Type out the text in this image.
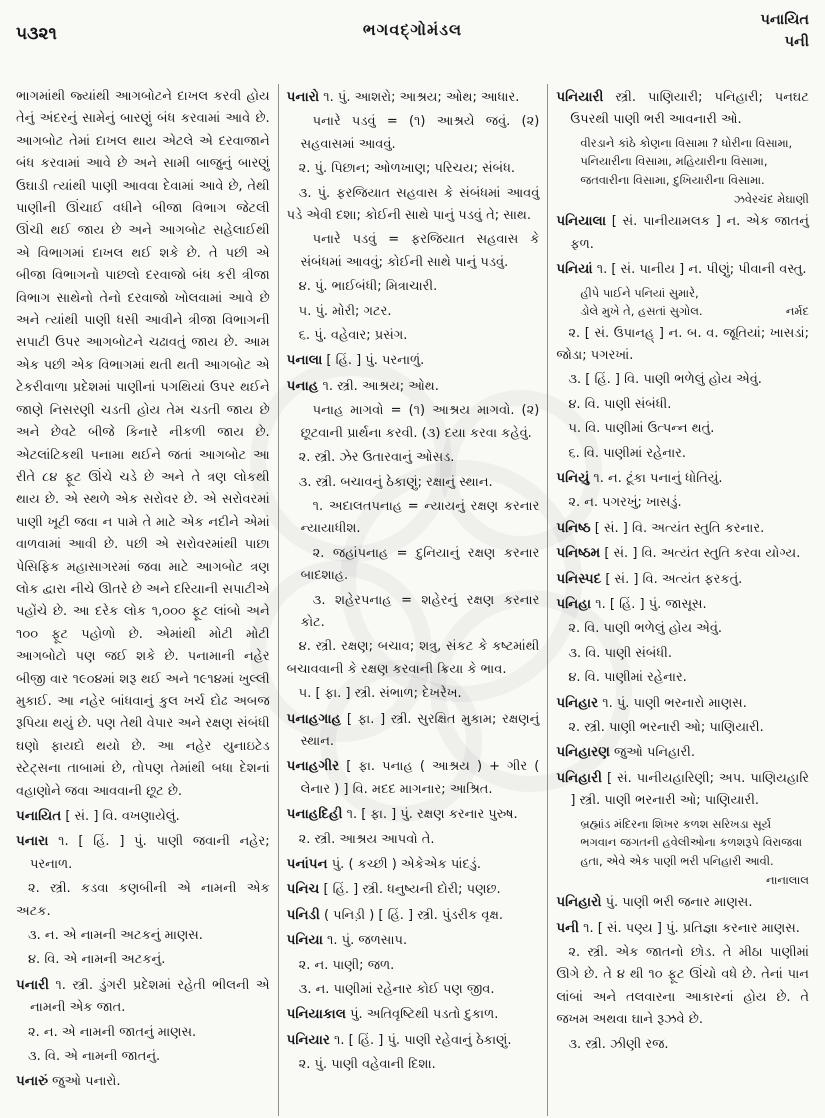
૫૩૨૧	ભગવદ્ગોમંડલ	પનાયિત
પની

ભાગમાંથી જ્યાંથી આગબોટને દાખલ કરવી હોય તેનું અંદરનું સામેનું બારણું બંધ કરવામાં આવે છે. આગબોટ તેમાં દાખલ થાય એટલે એ દરવાજાને બંધ કરવામાં આવે છે અને સામી બાજુનું બારણું ઉઘાડી ત્યાંથી પાણી આવવા દેવામાં આવે છે, તેથી પાણીની ઊંચાઈ વધીને બીજા વિભાગ જેટલી ઊંચી થઈ જાય છે અને આગબોટ સહેલાઈથી એ વિભાગમાં દાખલ થઈ શકે છે. તે પછી એ બીજા વિભાગનો પાછલો દરવાજો બંધ કરી ત્રીજા વિભાગ સાથેનો તેનો દરવાજો ખોલવામાં આવે છે અને ત્યાંથી પાણી ધસી આવીને ત્રીજા વિભાગની સપાટી ઉપર આગબોટને ચઢાવતું જાય છે. આમ એક પછી એક વિભાગમાં થતી થતી આગબોટ એ ટેકરીવાળા પ્રદેશમાં પાણીનાં પગથિયાં ઉપર થઈને જાણે નિસરણી ચડતી હોય તેમ ચડતી જાય છે અને છેવટે બીજે કિનારે નીકળી જાય છે. એટલાંટિકથી પનામા થઈને જતાં આગબોટ આ રીતે ૮૪ ફૂટ ઊંચે ચડે છે અને તે ત્રણ લોકથી થાય છે. એ સ્થળે એક સરોવર છે. એ સરોવરમાં પાણી ખૂટી જવા ન પામે તે માટે એક નદીને એમાં વાળવામાં આવી છે. પછી એ સરોવરમાંથી પાછા પેસિફિક મહાસાગરમાં જવા માટે આગબોટ ત્રણ લોક દ્વારા નીચે ઊતરે છે અને દરિયાની સપાટીએ પહોંચે છે. આ દરેક લોક ૧,૦૦૦ ફૂટ લાંબો અને ૧૦૦ ફૂટ પહોળો છે. એમાંથી મોટી મોટી આગબોટો પણ જઈ શકે છે. પનામાની નહેર બીજી વાર ૧૯૦૪માં શરૂ થઈ અને ૧૯૧૪માં ખુલ્લી મુકાઈ. આ નહેર બાંધવાનું કુલ ખર્ચ દોઢ અબજ રૂપિયા થયું છે. પણ તેથી વેપાર અને રક્ષણ સંબંધી ઘણો ફાયદો થયો છે. આ નહેર યુનાઇટેડ સ્ટેટ્સના તાબામાં છે, તોપણ તેમાંથી બધા દેશનાં વહાણોને જવા આવવાની છૂટ છે.

પનાયિત [ સં. ] વિ. વખણાયેલું.

પનારા ૧. [ હિં. ] પું. પાણી જવાની નહેર; પરનાળ.

૨. સ્ત્રી. કડવા કણબીની એ નામની એક અટક.

૩. ન. એ નામની અટકનું માણસ.

૪. વિ. એ નામની અટકનું.

પનારી ૧. સ્ત્રી. ડુંગરી પ્રદેશમાં રહેતી ભીલની એ નામની એક જાત.

૨. ન. એ નામની જાતનું માણસ.

૩. વિ. એ નામની જાતનું.

પનારું જુઓ પનારો.

પનારો ૧. પું. આશરો; આશ્રય; ઓથ; આધાર.

પનારે પડવું = (૧) આશ્રયે જવું. (૨) સહવાસમાં આવવું.

૨. પું. પિછાન; ઓળખાણ; પરિચય; સંબંધ.

૩. પું. ફરજિયાત સહવાસ કે સંબંધમાં આવવું પડે એવી દશા; કોઈની સાથે પાનું પડવું તે; સાથ.

પનારે પડવું = ફરજિયાત સહવાસ કે સંબંધમાં આવવું; કોઈની સાથે પાનું પડવું.

૪. પું. ભાઈબંધી; મિત્રાચારી.

૫. પું. મોરી; ગટર.

૬. પું. વહેવાર; પ્રસંગ.

પનાલા [ હિં. ] પું. પરનાળું.

પનાહ ૧. સ્ત્રી. આશ્રય; ઓથ.

પનાહ માગવો = (૧) આશ્રય માગવો. (૨) છૂટવાની પ્રાર્થના કરવી. (૩) દયા કરવા કહેવું.

૨. સ્ત્રી. ઝેર ઉતારવાનું ઓસડ.

૩. સ્ત્રી. બચાવનું ઠેકાણું; રક્ષાનું સ્થાન.

૧. અદાલતપનાહ = ન્યાયનું રક્ષણ કરનાર ન્યાયાધીશ.

૨. જહાંપનાહ = દુનિયાનું રક્ષણ કરનાર બાદશાહ.

૩. શહેરપનાહ = શહેરનું રક્ષણ કરનાર કોટ.

૪. સ્ત્રી. રક્ષણ; બચાવ; શત્રુ, સંકટ કે કષ્ટમાંથી બચાવવાની કે રક્ષણ કરવાની ક્રિયા કે ભાવ.

૫. [ ફા. ] સ્ત્રી. સંભાળ; દેખરેખ.

પનાહગાહ [ ફા. ] સ્ત્રી. સુરક્ષિત મુકામ; રક્ષણનું સ્થાન.

પનાહગીર [ ફા. પનાહ ( આશ્રય ) + ગીર ( લેનાર ) ] વિ. મદદ માગનાર; આશ્રિત.

પનાહદિહી ૧. [ ફા. ] પું. રક્ષણ કરનાર પુરુષ.

૨. સ્ત્રી. આશ્રય આપવો તે.

પનાંપન પું. ( કચ્છી ) એકેએક પાંદડું.

પનિચ [ હિં. ] સ્ત્રી. ધનુષ્યની દોરી; પણછ.

પનિડી ( પનિડ઼ી ) [ હિં. ] સ્ત્રી. પુંડરીક વૃક્ષ.

પનિયા ૧. પું. જળસાપ.

૨. ન. પાણી; જળ.

૩. ન. પાણીમાં રહેનાર કોઈ પણ જીવ.

પનિયાકાલ પું. અતિવૃષ્ટિથી પડતો દુકાળ.

પનિયાર ૧. [ હિં. ] પું. પાણી રહેવાનું ઠેકાણું.

૨. પું. પાણી વહેવાની દિશા.

પનિયારી સ્ત્રી. પાણિયારી; પનિહારી; પનઘટ ઉપરથી પાણી ભરી આવનારી ઓ.

વીરડાને કાંઠે કોણના વિસામા ? ધોરીના વિસામા,
પનિયારીના વિસામા, મહિયારીના વિસામા,
જતવારીના વિસામા, દુખિયારીના વિસામા.

ઝવેરચંદ મેઘાણી

પનિયાલા [ સં. પાનીયામલક ] ન. એક જાતનું ફળ.

પનિયાં ૧. [ સં. પાનીય ] ન. પીણું; પીવાની વસ્તુ.

હીપે પાઈને પનિયાં સુમારે,
નર્મદ
ડોલે મુખે તે, હસતાં સુગોલ.

૨. [ સં. ઉપાનહ્ ] ન. બ. વ. જૂતિયાં; ખાસડાં; જોડા; પગરખાં.

૩. [ હિં. ] વિ. પાણી ભળેલું હોય એવું.

૪. વિ. પાણી સંબંધી.

૫. વિ. પાણીમાં ઉત્પન્ન થતું.

૬. વિ. પાણીમાં રહેનાર.

પનિયું ૧. ન. ટૂંકા પનાનું ધોતિયું.

૨. ન. પગરખું; ખાસડું.

પનિષ્ઠ [ સં. ] વિ. અત્યંત સ્તુતિ કરનાર.

પનિષ્ઠમ [ સં. ] વિ. અત્યંત સ્તુતિ કરવા યોગ્ય.

પનિસ્પદ [ સં. ] વિ. અત્યંત ફરકતું.

પનિહા ૧. [ હિં. ] પું. જાસૂસ.

૨. વિ. પાણી ભળેલું હોય એવું.

૩. વિ. પાણી સંબંધી.

૪. વિ. પાણીમાં રહેનાર.

પનિહાર ૧. પું. પાણી ભરનારો માણસ.

૨. સ્ત્રી. પાણી ભરનારી ઓ; પાણિયારી.

પનિહારણ જુઓ પનિહારી.

પનિહારી [ સં. પાનીયહારિણી; અપ. પાણિયહારિ ] સ્ત્રી. પાણી ભરનારી ઓ; પાણિયારી.

બ્રહ્માંડ મંદિરના શિખર કળશ સરિખડા સૂર્ય
ભગવાન જગતની હવેલીઓના કળશરૂપે વિરાજવા
હતા, એવે એક પાણી ભરી પનિહારી આવી.

નાનાલાલ

પનિહારો પું. પાણી ભરી જનાર માણસ.

પની ૧. [ સં. પણ્ય ] પું. પ્રતિજ્ઞા કરનાર માણસ.

૨. સ્ત્રી. એક જાતનો છોડ. તે મીઠા પાણીમાં ઊગે છે. તે ૪ થી ૧૦ ફૂટ ઊંચો વધે છે. તેનાં પાન લાંબાં અને તલવારના આકારનાં હોય છે. તે જખમ અથવા ઘાને રૂઝવે છે.

૩. સ્ત્રી. ઝીણી રજ.
